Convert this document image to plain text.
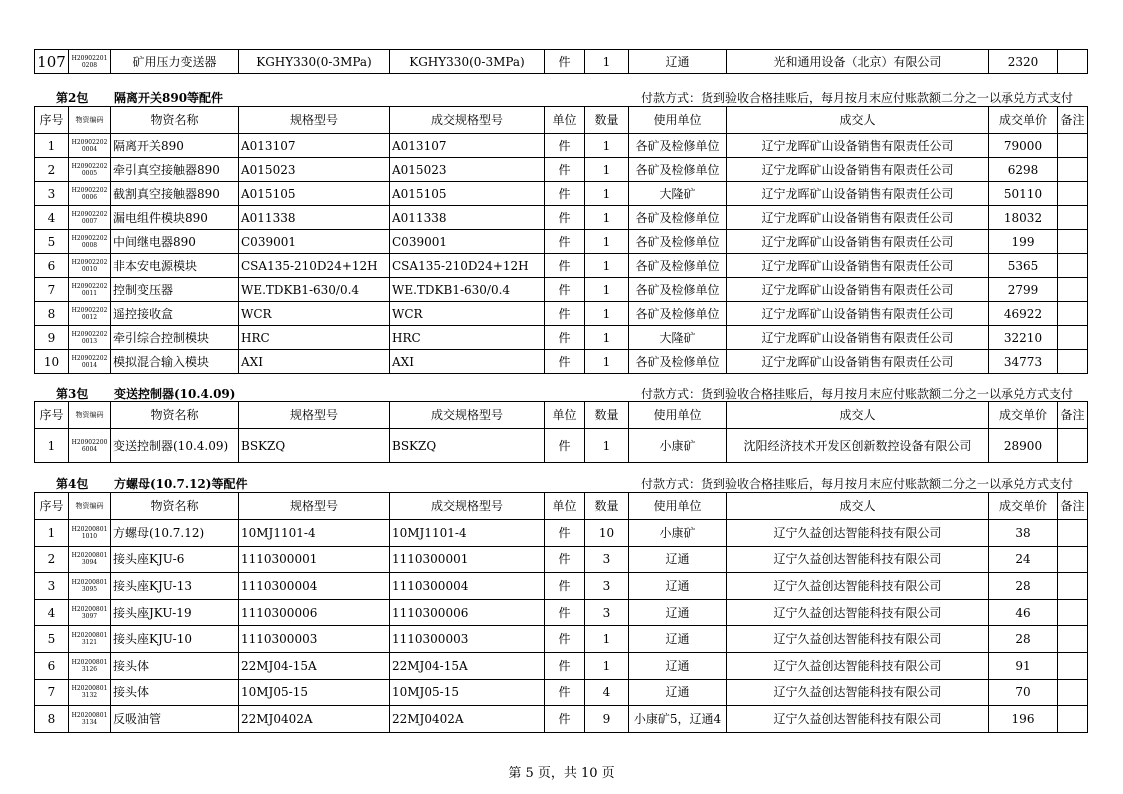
107	H209022010208	矿用压力变送器	KGHY330(0-3MPa)	KGHY330(0-3MPa)	件	1	辽通	光和通用设备（北京）有限公司	2320	
第2包 隔离开关890等配件	付款方式：货到验收合格挂账后，每月按月末应付账款额二分之一以承兑方式支付
序号	物资编码	物资名称	规格型号	成交规格型号	单位	数量	使用单位	成交人	成交单价	备注
1	H209022020004	隔离开关890	A013107	A013107	件	1	各矿及检修单位	辽宁龙晖矿山设备销售有限责任公司	79000	
2	H209022020005	牵引真空接触器890	A015023	A015023	件	1	各矿及检修单位	辽宁龙晖矿山设备销售有限责任公司	6298	
3	H209022020006	截割真空接触器890	A015105	A015105	件	1	大隆矿	辽宁龙晖矿山设备销售有限责任公司	50110	
4	H209022020007	漏电组件模块890	A011338	A011338	件	1	各矿及检修单位	辽宁龙晖矿山设备销售有限责任公司	18032	
5	H209022020008	中间继电器890	C039001	C039001	件	1	各矿及检修单位	辽宁龙晖矿山设备销售有限责任公司	199	
6	H209022020010	非本安电源模块	CSA135-210D24+12H	CSA135-210D24+12H	件	1	各矿及检修单位	辽宁龙晖矿山设备销售有限责任公司	5365	
7	H209022020011	控制变压器	WE.TDKB1-630/0.4	WE.TDKB1-630/0.4	件	1	各矿及检修单位	辽宁龙晖矿山设备销售有限责任公司	2799	
8	H209022020012	遥控接收盒	WCR	WCR	件	1	各矿及检修单位	辽宁龙晖矿山设备销售有限责任公司	46922	
9	H209022020013	牵引综合控制模块	HRC	HRC	件	1	大隆矿	辽宁龙晖矿山设备销售有限责任公司	32210	
10	H209022020014	模拟混合输入模块	AXI	AXI	件	1	各矿及检修单位	辽宁龙晖矿山设备销售有限责任公司	34773	
第3包 变送控制器(10.4.09)	付款方式：货到验收合格挂账后，每月按月末应付账款额二分之一以承兑方式支付
序号	物资编码	物资名称	规格型号	成交规格型号	单位	数量	使用单位	成交人	成交单价	备注
1	H209022006004	变送控制器(10.4.09)	BSKZQ	BSKZQ	件	1	小康矿	沈阳经济技术开发区创新数控设备有限公司	28900	
第4包 方螺母(10.7.12)等配件	付款方式：货到验收合格挂账后，每月按月末应付账款额二分之一以承兑方式支付
序号	物资编码	物资名称	规格型号	成交规格型号	单位	数量	使用单位	成交人	成交单价	备注
1	H202008011010	方螺母(10.7.12)	10MJ1101-4	10MJ1101-4	件	10	小康矿	辽宁久益创达智能科技有限公司	38	
2	H202008013094	接头座KJU-6	1110300001	1110300001	件	3	辽通	辽宁久益创达智能科技有限公司	24	
3	H202008013095	接头座KJU-13	1110300004	1110300004	件	3	辽通	辽宁久益创达智能科技有限公司	28	
4	H202008013097	接头座JKU-19	1110300006	1110300006	件	3	辽通	辽宁久益创达智能科技有限公司	46	
5	H202008013121	接头座KJU-10	1110300003	1110300003	件	1	辽通	辽宁久益创达智能科技有限公司	28	
6	H202008013126	接头体	22MJ04-15A	22MJ04-15A	件	1	辽通	辽宁久益创达智能科技有限公司	91	
7	H202008013132	接头体	10MJ05-15	10MJ05-15	件	4	辽通	辽宁久益创达智能科技有限公司	70	
8	H202008013134	反吸油管	22MJ0402A	22MJ0402A	件	9	小康矿5，辽通4	辽宁久益创达智能科技有限公司	196	
第 5 页，共 10 页
